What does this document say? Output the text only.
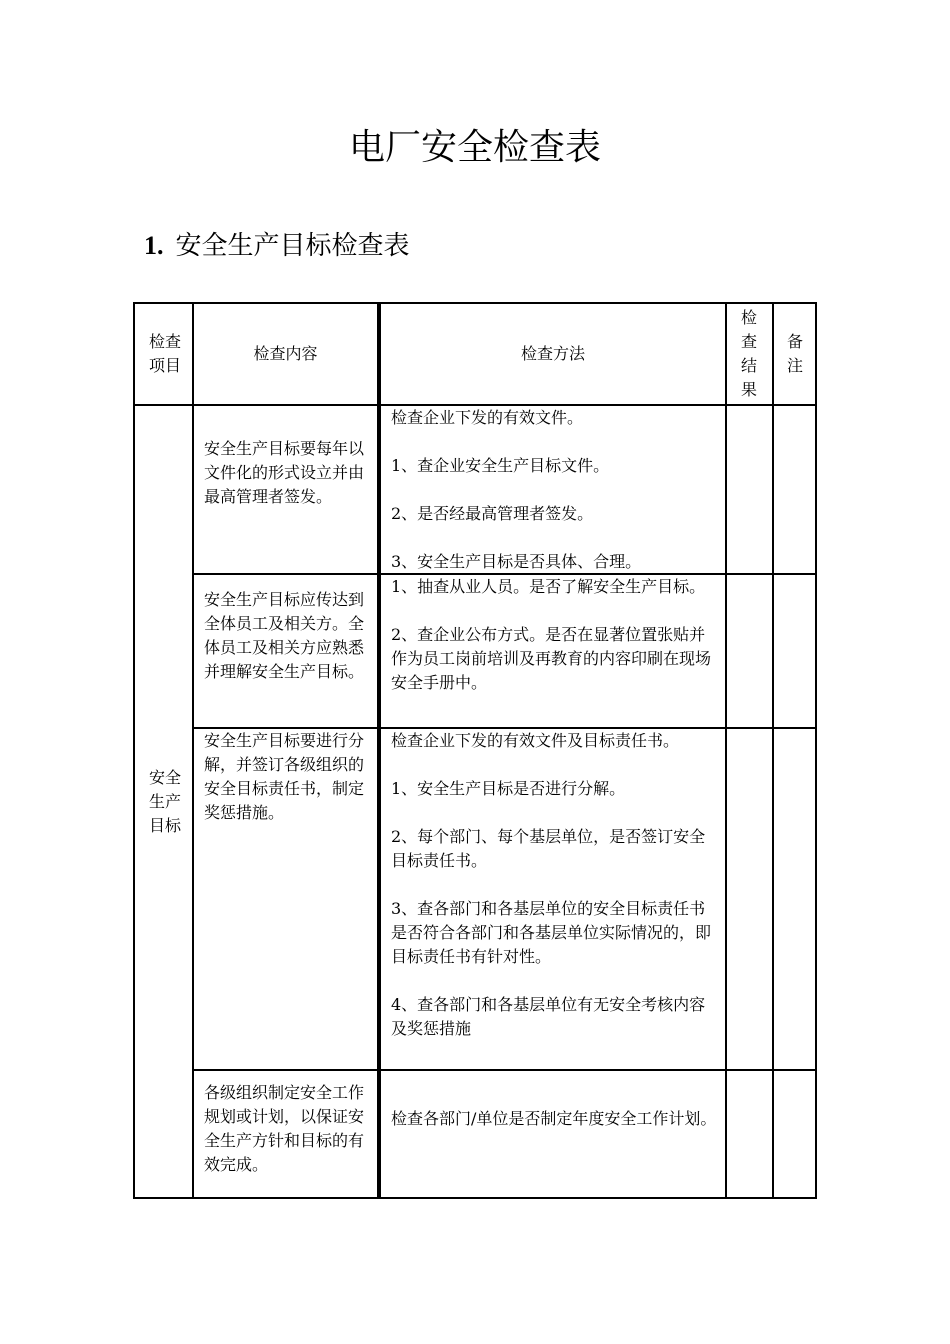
电厂安全检查表
1. 安全生产目标检查表
检查项目
检查内容	检查方法
检查结果
备注
安全生产目标
安全生产目标要每年以文件化的形式设立并由最高管理者签发。

检查企业下发的有效文件。

1、查企业安全生产目标文件。

2、是否经最高管理者签发。

3、安全生产目标是否具体、合理。

安全生产目标应传达到全体员工及相关方。全体员工及相关方应熟悉并理解安全生产目标。

1、抽查从业人员。是否了解安全生产目标。

2、查企业公布方式。是否在显著位置张贴并作为员工岗前培训及再教育的内容印刷在现场安全手册中。

安全生产目标要进行分解，并签订各级组织的安全目标责任书，制定奖惩措施。

检查企业下发的有效文件及目标责任书。

1、安全生产目标是否进行分解。

2、每个部门、每个基层单位，是否签订安全目标责任书。

3、查各部门和各基层单位的安全目标责任书是否符合各部门和各基层单位实际情况的，即目标责任书有针对性。

4、查各部门和各基层单位有无安全考核内容及奖惩措施

各级组织制定安全工作规划或计划，以保证安全生产方针和目标的有效完成。

检查各部门/单位是否制定年度安全工作计划。
